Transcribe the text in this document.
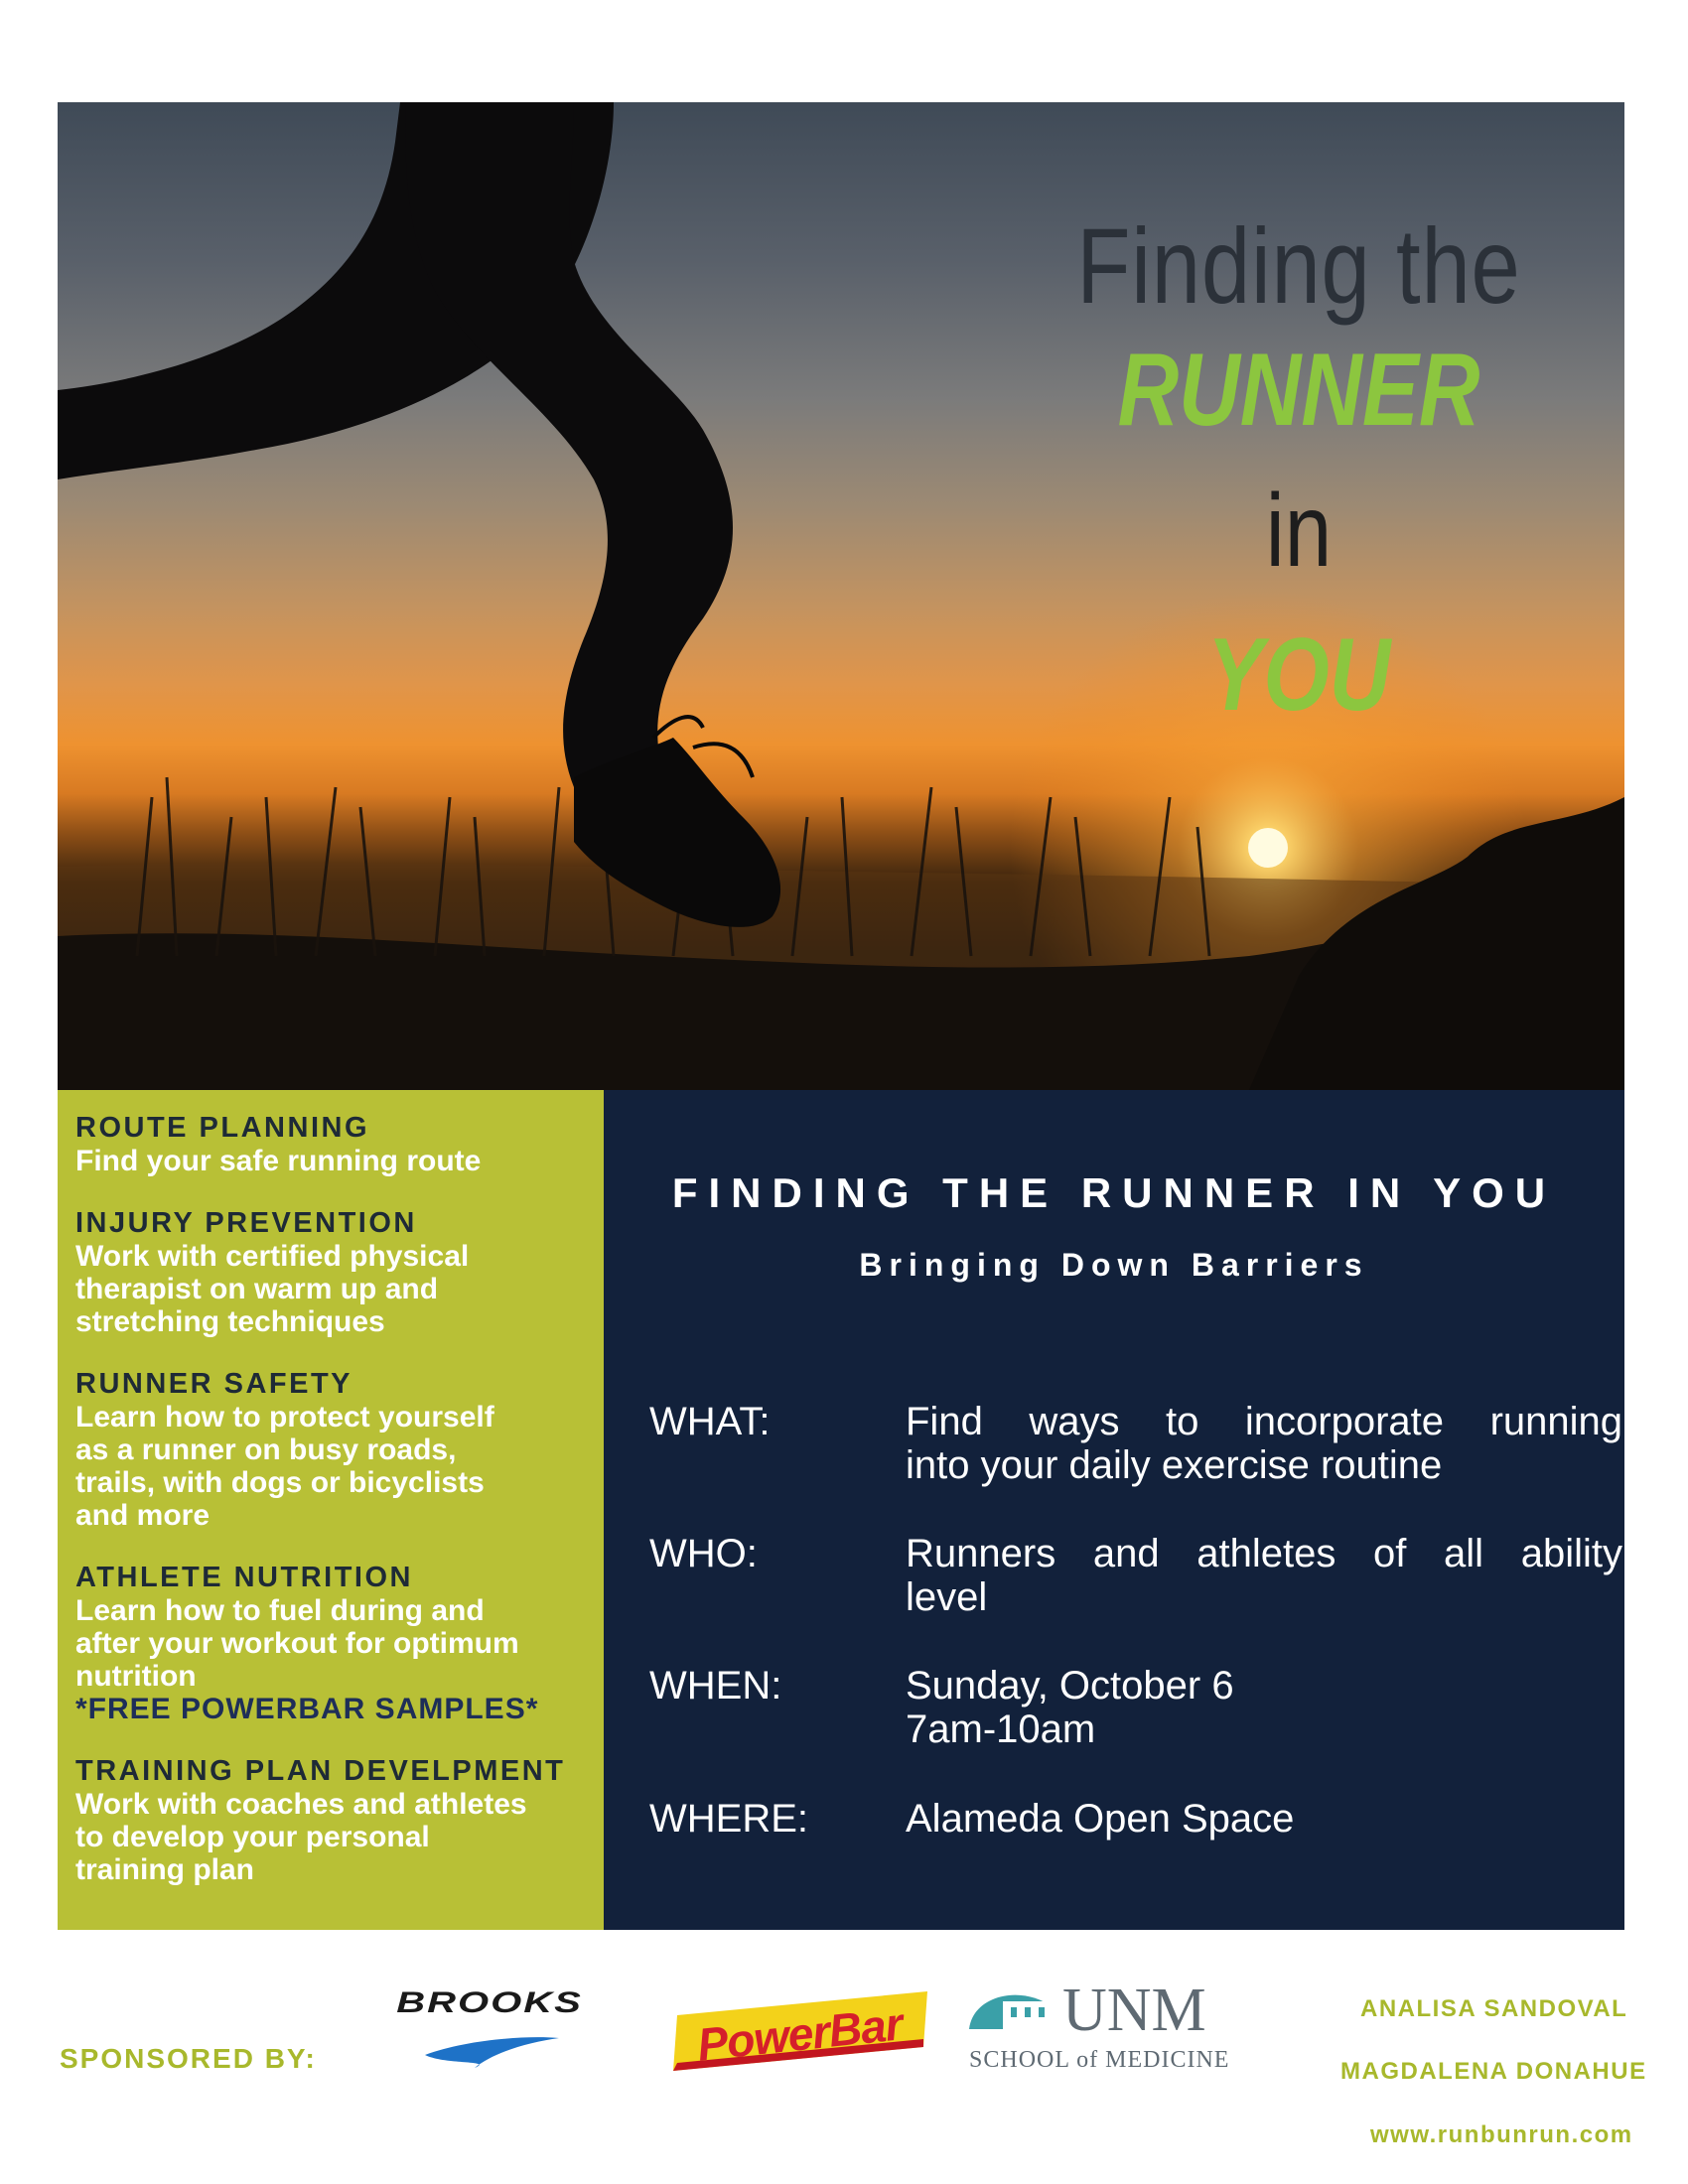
Finding the
RUNNER
in
YOU
ROUTE PLANNING
Find your safe running route
INJURY PREVENTION
Work with certified physical
therapist on warm up and
stretching techniques
RUNNER SAFETY
Learn how to protect yourself
as a runner on busy roads,
trails, with dogs or bicyclists
and more
ATHLETE NUTRITION
Learn how to fuel during and
after your workout for optimum
nutrition
*FREE POWERBAR SAMPLES*
TRAINING PLAN DEVELPMENT
Work with coaches and athletes
to develop your personal
training plan
FINDING THE RUNNER IN YOU
Bringing Down Barriers
WHAT:	Find ways to incorporate running
into your daily exercise routine
WHO:	Runners and athletes of all ability
level
WHEN:	Sunday, October 6
7am-10am
WHERE:	Alameda Open Space
SPONSORED BY:
BROOKS	PowerBar	UNM
SCHOOL of MEDICINE
ANALISA SANDOVAL
MAGDALENA DONAHUE
www.runbunrun.com
